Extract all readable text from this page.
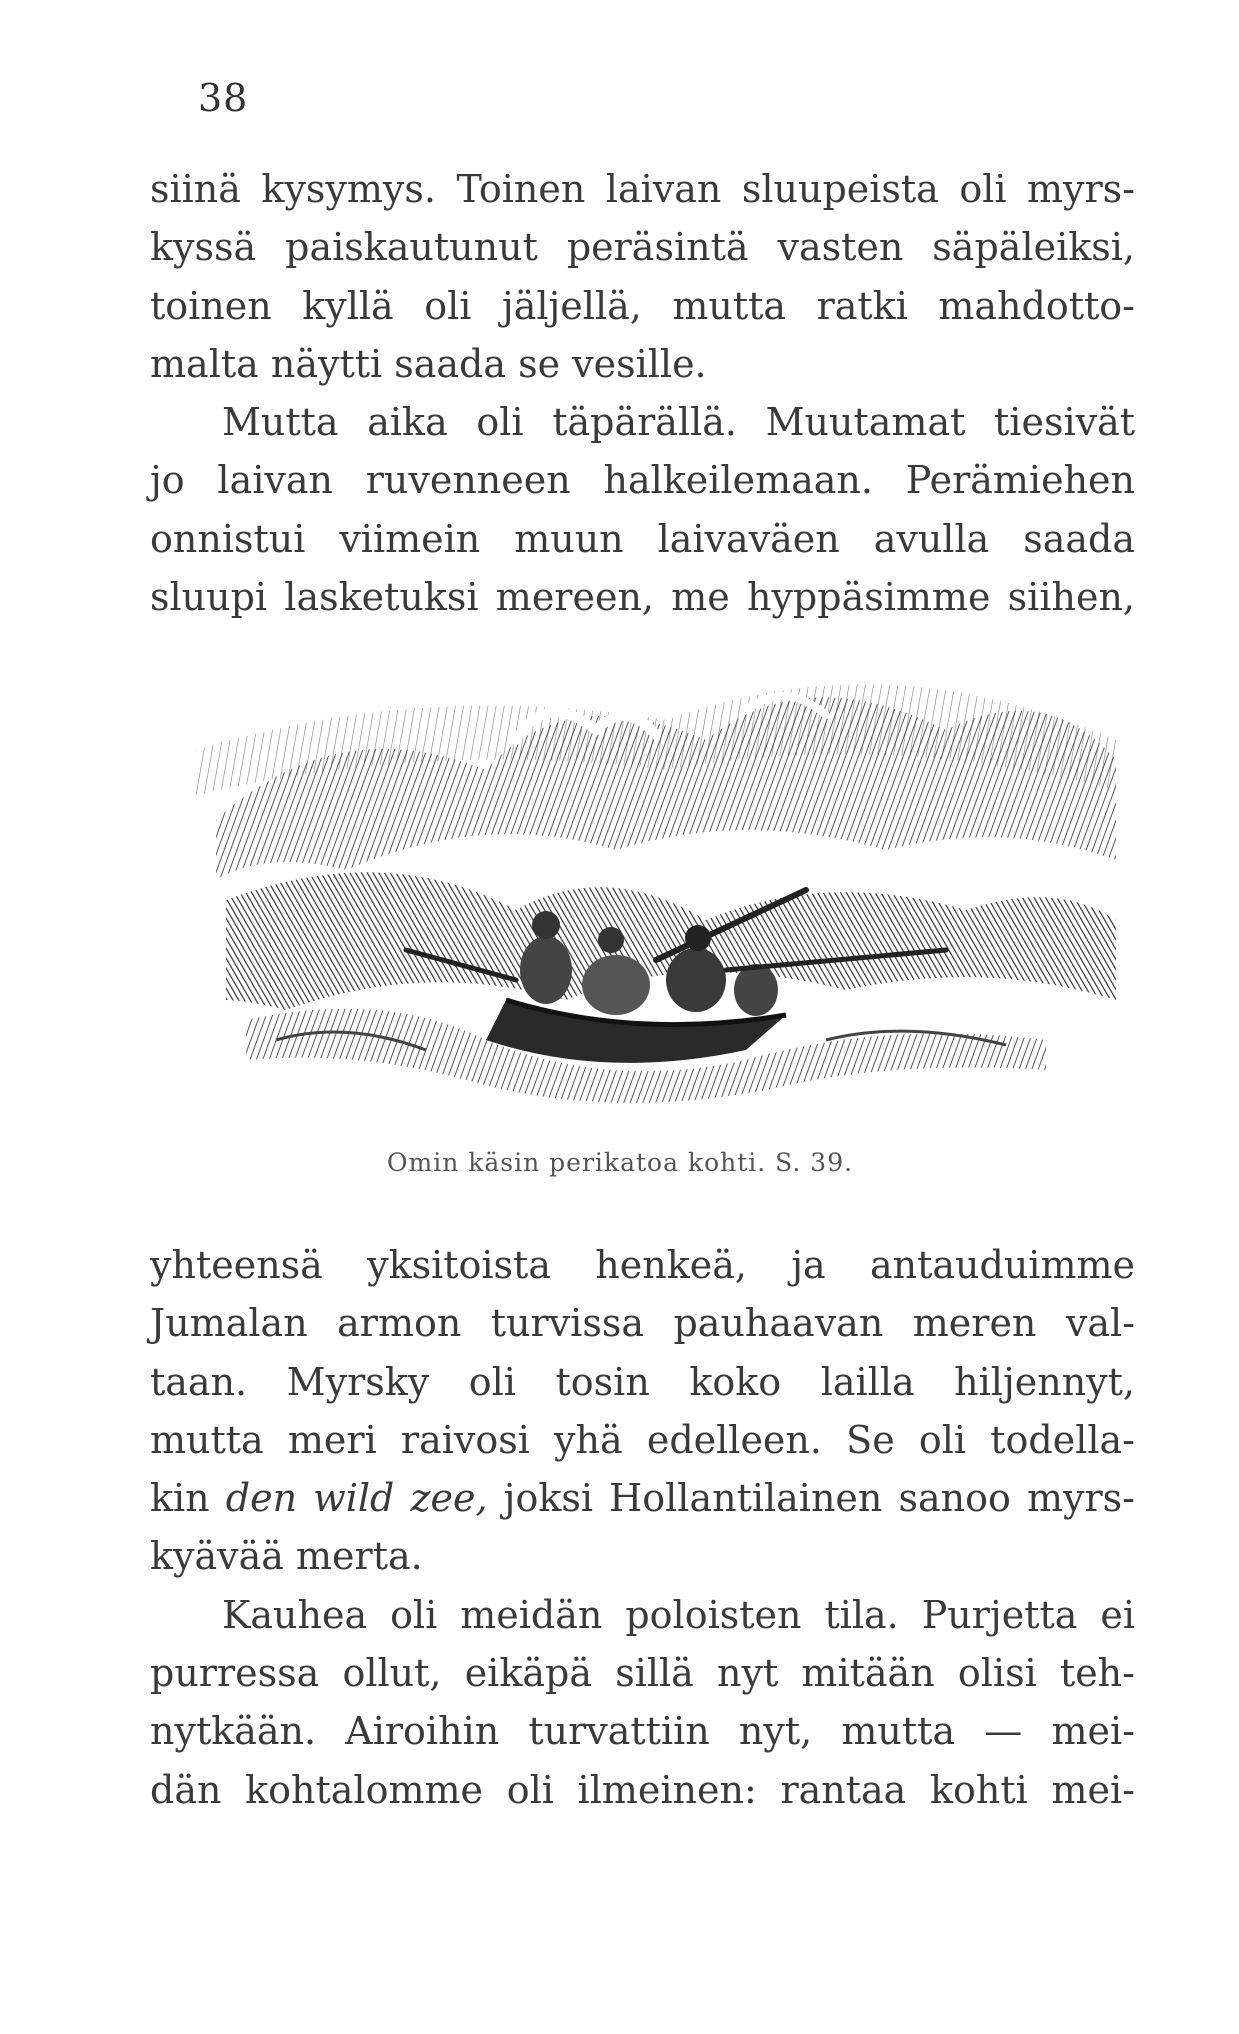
38
siinä kysymys. Toinen laivan sluupeista oli myrs-
kyssä paiskautunut peräsintä vasten säpäleiksi,
toinen kyllä oli jäljellä, mutta ratki mahdotto-
malta näytti saada se vesille.
Mutta aika oli täpärällä. Muutamat tiesivät
jo laivan ruvenneen halkeilemaan. Perämiehen
onnistui viimein muun laivaväen avulla saada
sluupi lasketuksi mereen, me hyppäsimme siihen,
Omin käsin perikatoa kohti. S. 39.
yhteensä yksitoista henkeä, ja antauduimme
Jumalan armon turvissa pauhaavan meren val-
taan. Myrsky oli tosin koko lailla hiljennyt,
mutta meri raivosi yhä edelleen. Se oli todella-
kin den wild zee, joksi Hollantilainen sanoo myrs-
kyävää merta.
Kauhea oli meidän poloisten tila. Purjetta ei
purressa ollut, eikäpä sillä nyt mitään olisi teh-
nytkään. Airoihin turvattiin nyt, mutta — mei-
dän kohtalomme oli ilmeinen: rantaa kohti mei-
